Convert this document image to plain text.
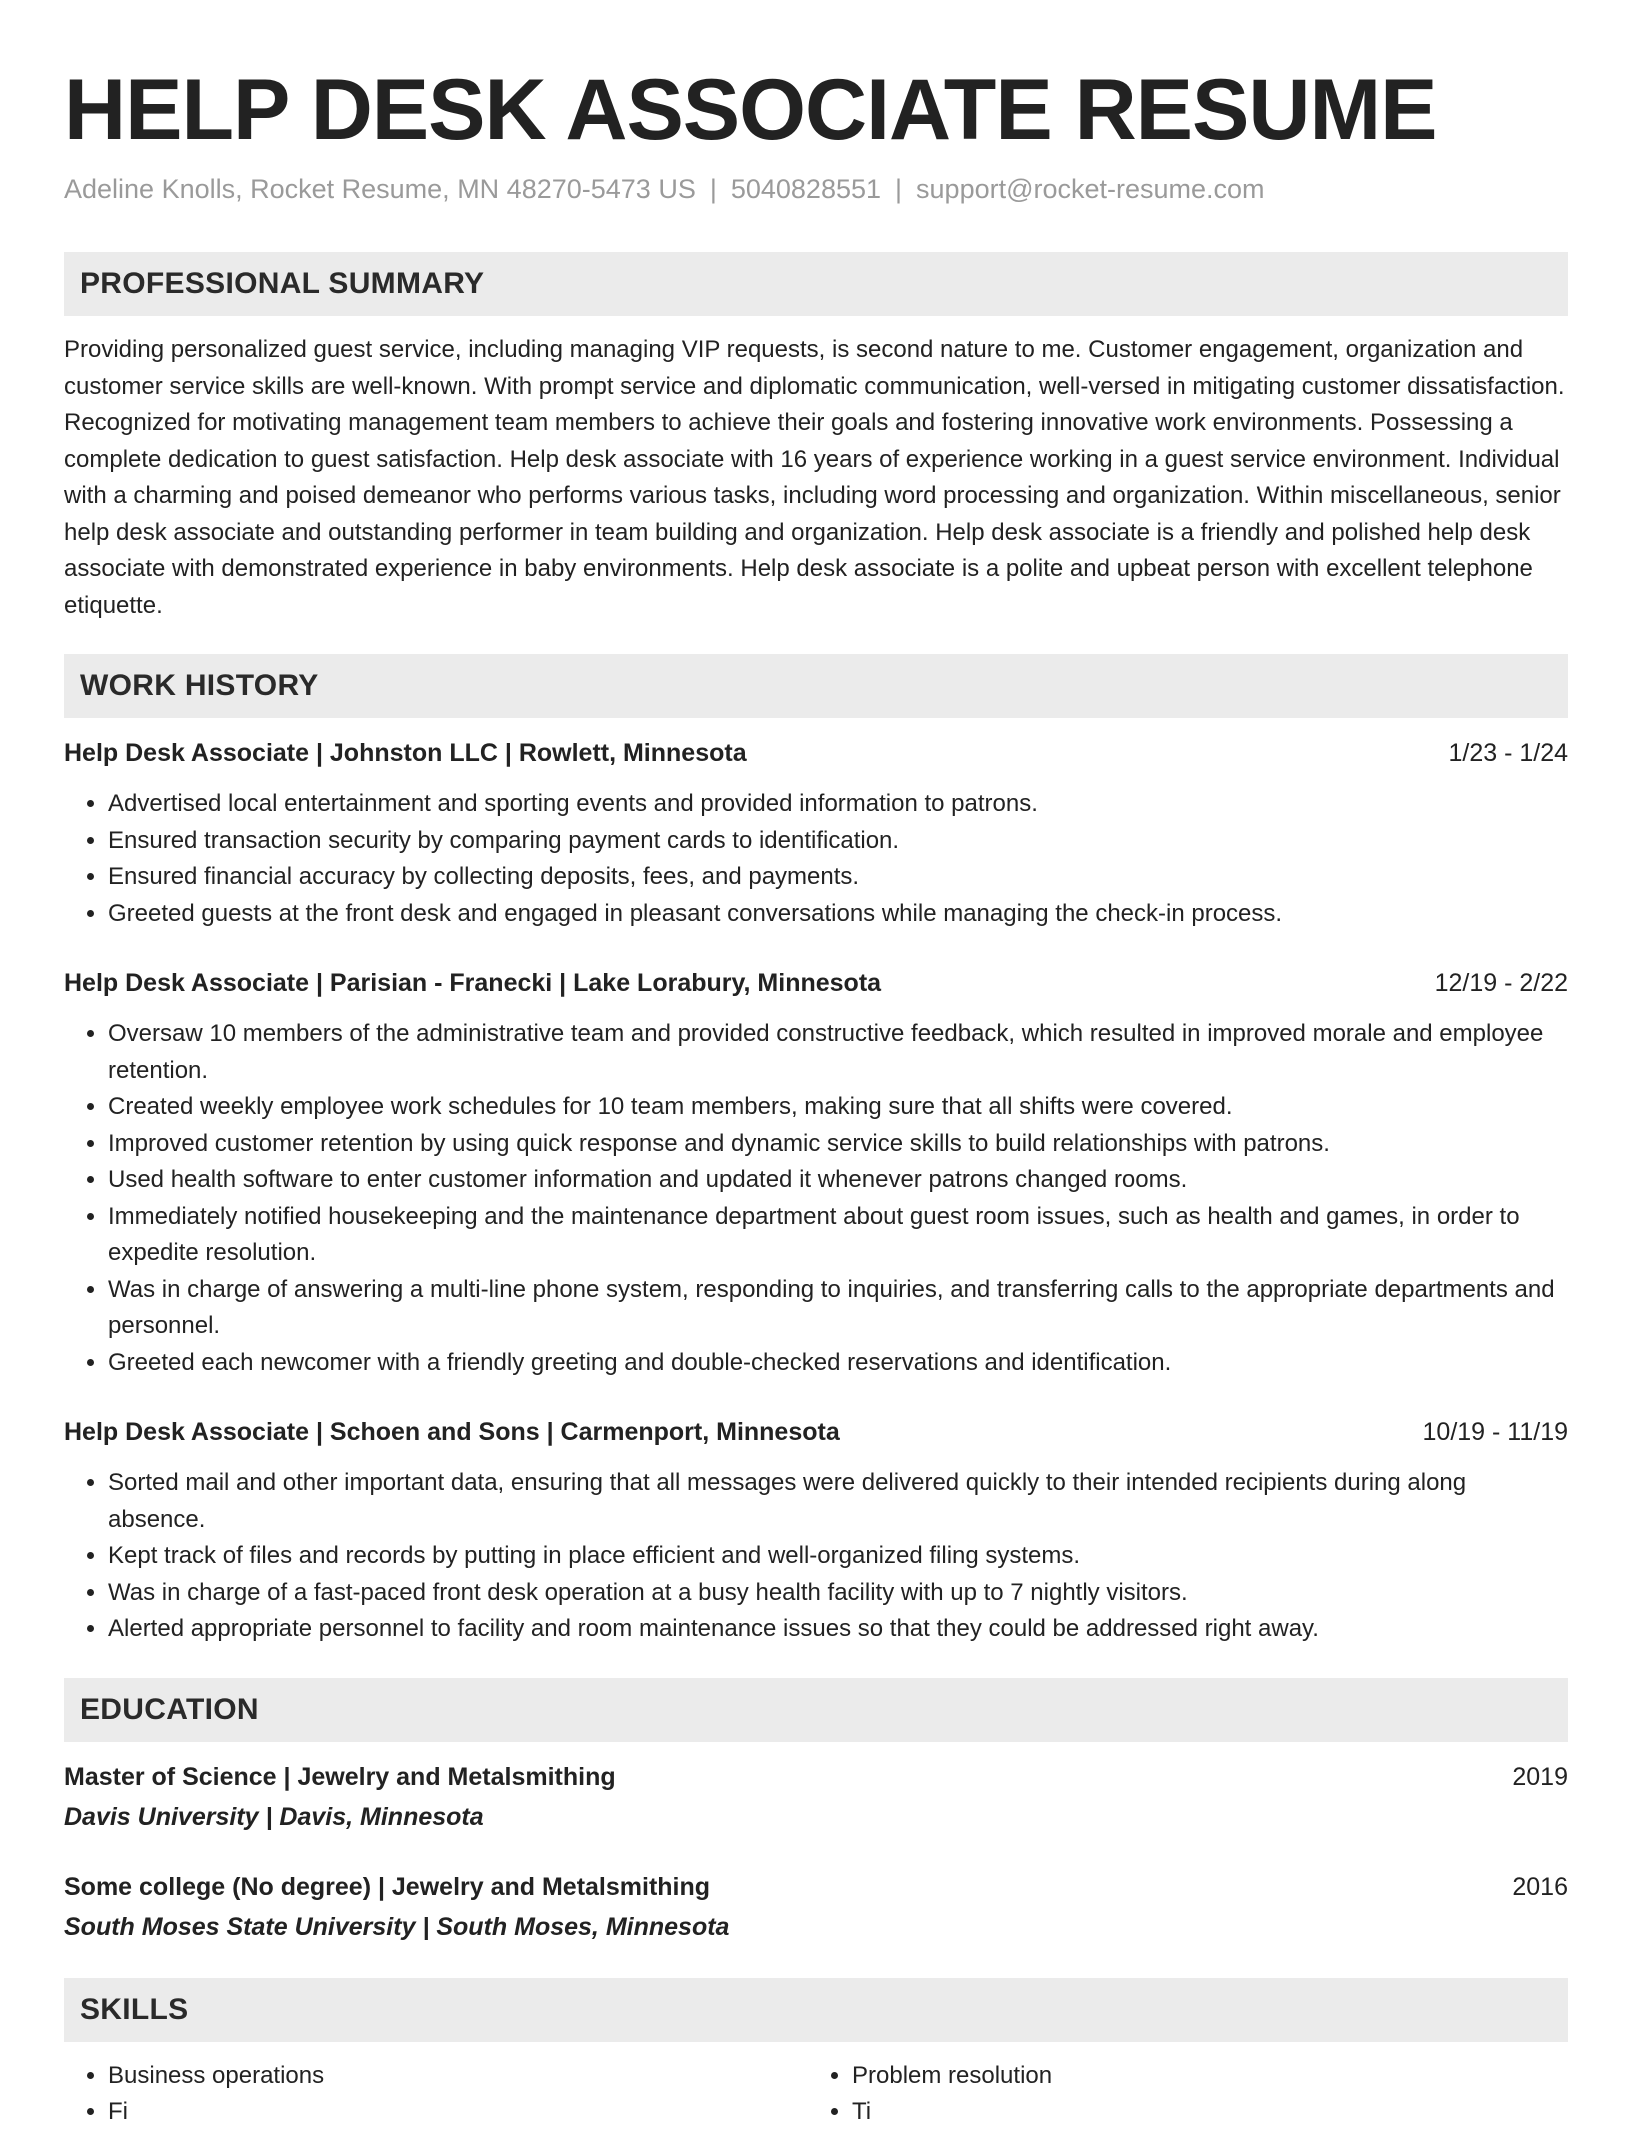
HELP DESK ASSOCIATE RESUME
Adeline Knolls, Rocket Resume, MN 48270-5473 US | 5040828551 | support@rocket-resume.com
PROFESSIONAL SUMMARY
Providing personalized guest service, including managing VIP requests, is second nature to me. Customer engagement, organization and customer service skills are well-known. With prompt service and diplomatic communication, well-versed in mitigating customer dissatisfaction. Recognized for motivating management team members to achieve their goals and fostering innovative work environments. Possessing a complete dedication to guest satisfaction. Help desk associate with 16 years of experience working in a guest service environment. Individual with a charming and poised demeanor who performs various tasks, including word processing and organization. Within miscellaneous, senior help desk associate and outstanding performer in team building and organization. Help desk associate is a friendly and polished help desk associate with demonstrated experience in baby environments. Help desk associate is a polite and upbeat person with excellent telephone etiquette.
WORK HISTORY
Help Desk Associate | Johnston LLC | Rowlett, Minnesota	1/23 - 1/24
• Advertised local entertainment and sporting events and provided information to patrons.
• Ensured transaction security by comparing payment cards to identification.
• Ensured financial accuracy by collecting deposits, fees, and payments.
• Greeted guests at the front desk and engaged in pleasant conversations while managing the check-in process.
Help Desk Associate | Parisian - Franecki | Lake Lorabury, Minnesota	12/19 - 2/22
• Oversaw 10 members of the administrative team and provided constructive feedback, which resulted in improved morale and employee retention.
• Created weekly employee work schedules for 10 team members, making sure that all shifts were covered.
• Improved customer retention by using quick response and dynamic service skills to build relationships with patrons.
• Used health software to enter customer information and updated it whenever patrons changed rooms.
• Immediately notified housekeeping and the maintenance department about guest room issues, such as health and games, in order to expedite resolution.
• Was in charge of answering a multi-line phone system, responding to inquiries, and transferring calls to the appropriate departments and personnel.
• Greeted each newcomer with a friendly greeting and double-checked reservations and identification.
Help Desk Associate | Schoen and Sons | Carmenport, Minnesota	10/19 - 11/19
• Sorted mail and other important data, ensuring that all messages were delivered quickly to their intended recipients during along absence.
• Kept track of files and records by putting in place efficient and well-organized filing systems.
• Was in charge of a fast-paced front desk operation at a busy health facility with up to 7 nightly visitors.
• Alerted appropriate personnel to facility and room maintenance issues so that they could be addressed right away.
EDUCATION
Master of Science | Jewelry and Metalsmithing	2019
Davis University | Davis, Minnesota
Some college (No degree) | Jewelry and Metalsmithing	2016
South Moses State University | South Moses, Minnesota
SKILLS
• Business operations
• Fi
• Problem resolution
• Ti
